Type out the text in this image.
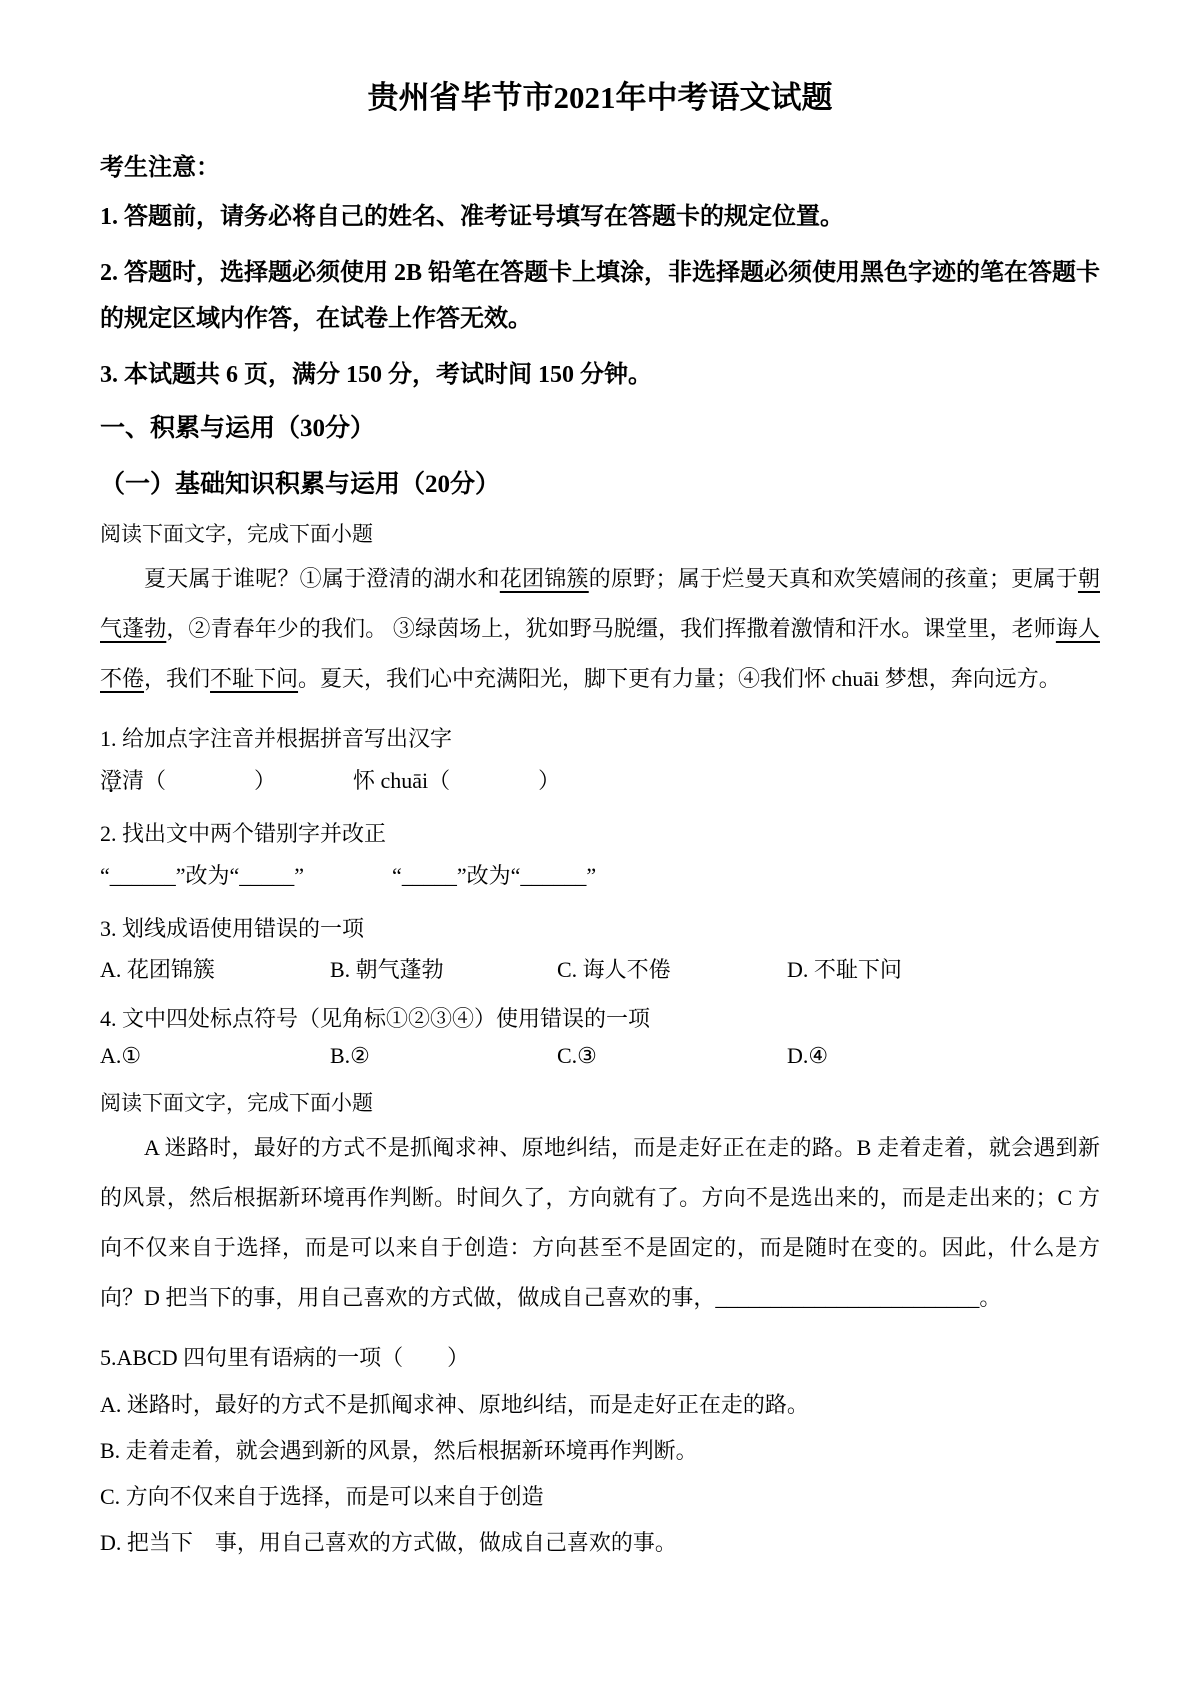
贵州省毕节市2021年中考语文试题

考生注意：

1. 答题前，请务必将自己的姓名、准考证号填写在答题卡的规定位置。

2. 答题时，选择题必须使用 2B 铅笔在答题卡上填涂，非选择题必须使用黑色字迹的笔在答题卡的规定区域内作答，在试卷上作答无效。

3. 本试题共 6 页，满分 150 分，考试时间 150 分钟。

一、积累与运用（30分）

（一）基础知识积累与运用（20分）

阅读下面文字，完成下面小题

夏天属于谁呢？①属于澄清的湖水和花团锦簇的原野；属于烂曼天真和欢笑嬉闹的孩童；更属于朝气蓬勃，②青春年少的我们。 ③绿茵场上，犹如野马脱缰，我们挥撒着激情和汗水。课堂里，老师诲人不倦，我们不耻下问。夏天，我们心中充满阳光，脚下更有力量；④我们怀 chuāi 梦想，奔向远方。

1. 给加点字注音并根据拼音写出汉字

澄清（　　　　）　　　　怀 chuāi（　　　　）

2. 找出文中两个错别字并改正

“______”改为“_____”　　　　“_____”改为“______”

3. 划线成语使用错误的一项

A. 花团锦簇	B. 朝气蓬勃	C. 诲人不倦	D. 不耻下问

4. 文中四处标点符号（见角标①②③④）使用错误的一项

A.①	B.②	C.③	D.④

阅读下面文字，完成下面小题

A 迷路时，最好的方式不是抓阄求神、原地纠结，而是走好正在走的路。B 走着走着，就会遇到新的风景，然后根据新环境再作判断。时间久了，方向就有了。方向不是选出来的，而是走出来的；C 方向不仅来自于选择，而是可以来自于创造：方向甚至不是固定的，而是随时在变的。因此，什么是方向？D 把当下的事，用自己喜欢的方式做，做成自己喜欢的事，________________________。

5.ABCD 四句里有语病的一项（　　）

A. 迷路时，最好的方式不是抓阄求神、原地纠结，而是走好正在走的路。

B. 走着走着，就会遇到新的风景，然后根据新环境再作判断。

C. 方向不仅来自于选择，而是可以来自于创造

D. 把当下　事，用自己喜欢的方式做，做成自己喜欢的事。
